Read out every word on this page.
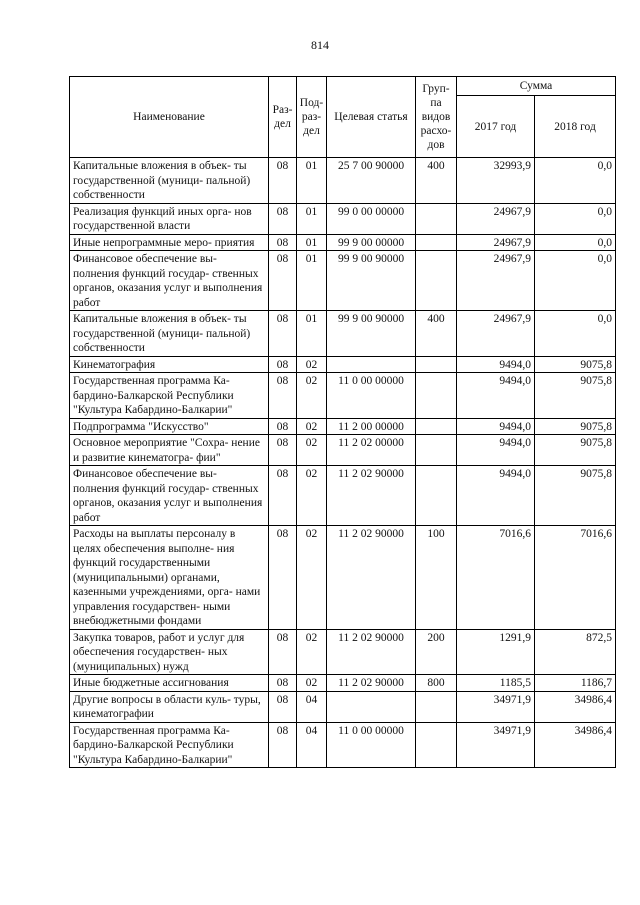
814
Наименование	Раз- дел	Под- раз- дел	Целевая статья	Груп- па видов расхо- дов	Сумма	
					2017 год	2018 год
Капитальные вложения в объек- ты государственной (муници- пальной) собственности	08	01	25 7 00 90000	400	32993,9	0,0
Реализация функций иных орга- нов государственной власти	08	01	99 0 00 00000		24967,9	0,0
Иные непрограммные меро- приятия	08	01	99 9 00 00000		24967,9	0,0
Финансовое обеспечение вы- полнения функций государ- ственных органов, оказания услуг и выполнения работ	08	01	99 9 00 90000		24967,9	0,0
Капитальные вложения в объек- ты государственной (муници- пальной) собственности	08	01	99 9 00 90000	400	24967,9	0,0
Кинематография	08	02			9494,0	9075,8
Государственная программа Ка- бардино-Балкарской Республики "Культура Кабардино-Балкарии"	08	02	11 0 00 00000		9494,0	9075,8
Подпрограмма "Искусство"	08	02	11 2 00 00000		9494,0	9075,8
Основное мероприятие "Сохра- нение и развитие кинематогра- фии"	08	02	11 2 02 00000		9494,0	9075,8
Финансовое обеспечение вы- полнения функций государ- ственных органов, оказания услуг и выполнения работ	08	02	11 2 02 90000		9494,0	9075,8
Расходы на выплаты персоналу в целях обеспечения выполне- ния функций государственными (муниципальными) органами, казенными учреждениями, орга- нами управления государствен- ными внебюджетными фондами	08	02	11 2 02 90000	100	7016,6	7016,6
Закупка товаров, работ и услуг для обеспечения государствен- ных (муниципальных) нужд	08	02	11 2 02 90000	200	1291,9	872,5
Иные бюджетные ассигнования	08	02	11 2 02 90000	800	1185,5	1186,7
Другие вопросы в области куль- туры, кинематографии	08	04			34971,9	34986,4
Государственная программа Ка- бардино-Балкарской Республики "Культура Кабардино-Балкарии"	08	04	11 0 00 00000		34971,9	34986,4
